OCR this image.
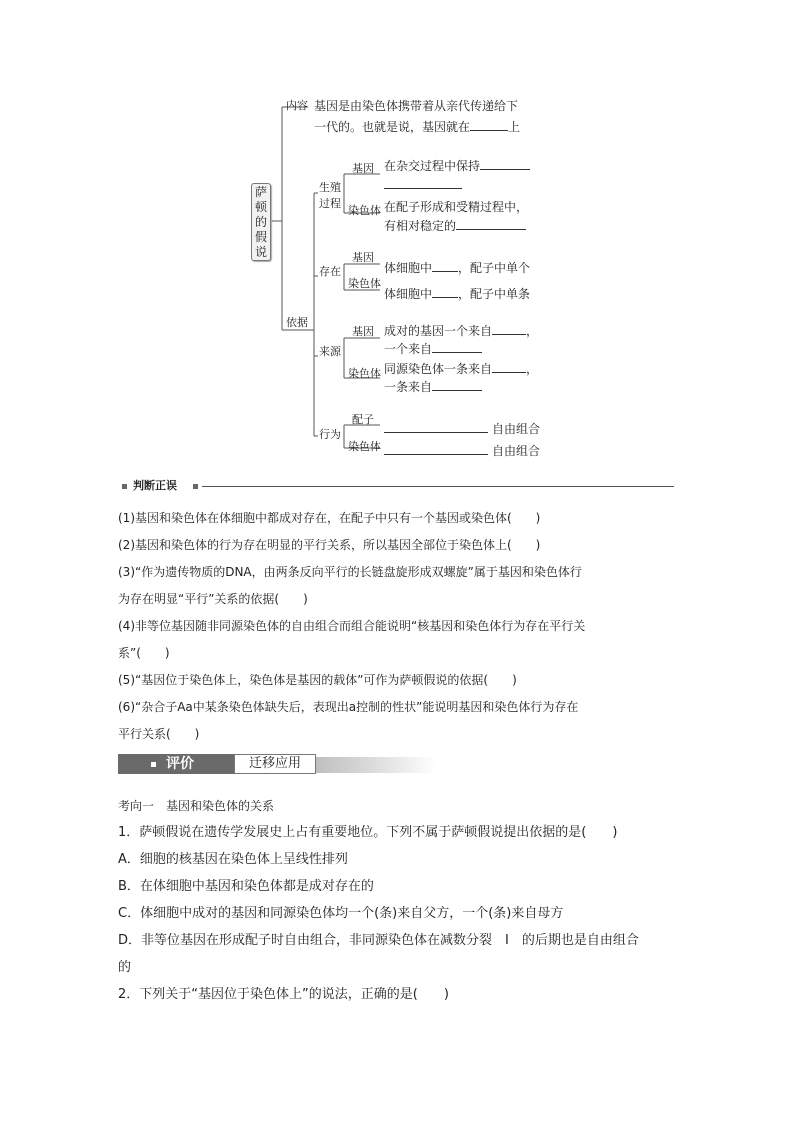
萨
顿
的
假
说
内容 基因是由染色体携带着从亲代传递给下
一代的。也就是说，基因就在	上
依据
生殖
过程
基因 在杂交过程中保持
染色体 在配子形成和受精过程中，
有相对稳定的
存在
基因
体细胞中 ，配子中单个
染色体
体细胞中 ，配子中单条
来源
基因 成对的基因一个来自	，
一个来自
染色体 同源染色体一条来自	，
一条来自
行为
配子
自由组合
染色体	自由组合
判断正误
(1)基因和染色体在体细胞中都成对存在，在配子中只有一个基因或染色体(　　)
(2)基因和染色体的行为存在明显的平行关系，所以基因全部位于染色体上(　　)
(3)“作为遗传物质的DNA，由两条反向平行的长链盘旋形成双螺旋”属于基因和染色体行
为存在明显“平行”关系的依据(　　)
(4)非等位基因随非同源染色体的自由组合而组合能说明“核基因和染色体行为存在平行关
系”(　　)
(5)“基因位于染色体上，染色体是基因的载体”可作为萨顿假说的依据(　　)
(6)“杂合子Aa中某条染色体缺失后，表现出a控制的性状”能说明基因和染色体行为存在
平行关系(　　)
评价	迁移应用
考向一　基因和染色体的关系
1．萨顿假说在遗传学发展史上占有重要地位。下列不属于萨顿假说提出依据的是(　　)
A．细胞的核基因在染色体上呈线性排列
B．在体细胞中基因和染色体都是成对存在的
C．体细胞中成对的基因和同源染色体均一个(条)来自父方，一个(条)来自母方
D．非等位基因在形成配子时自由组合，非同源染色体在减数分裂　Ⅰ　的后期也是自由组合
的
2．下列关于“基因位于染色体上”的说法，正确的是(　　)
